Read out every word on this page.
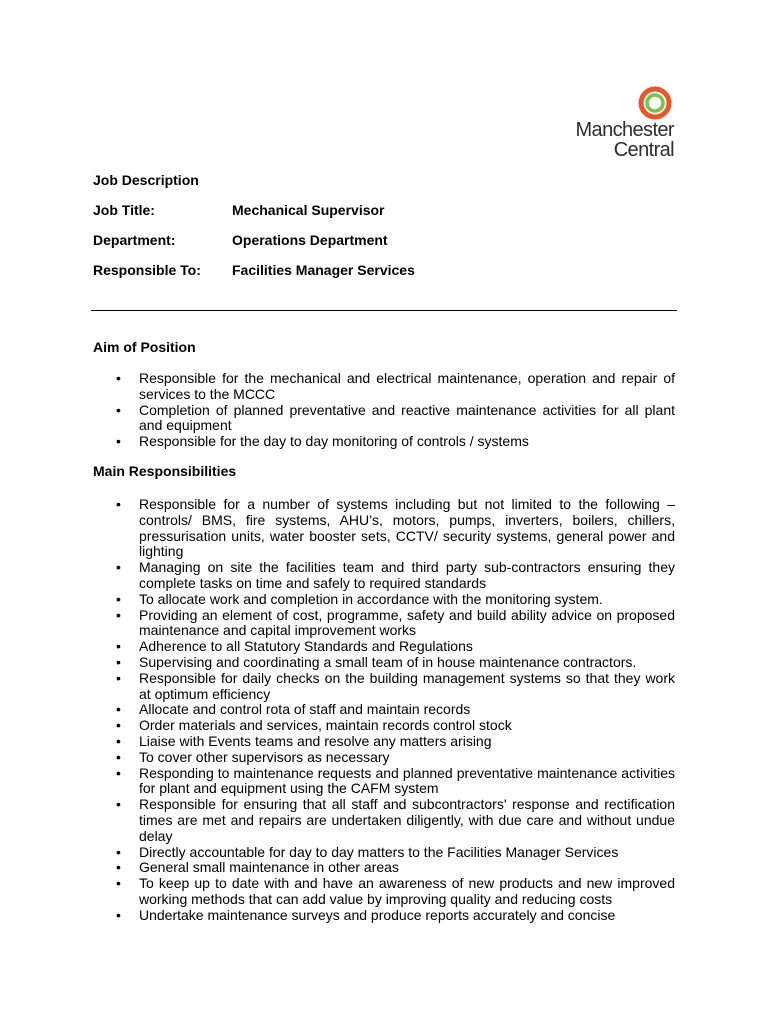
Manchester
Central
Job Description
Job Title:	Mechanical Supervisor
Department:	Operations Department
Responsible To: Facilities Manager Services
Aim of Position
• Responsible for the mechanical and electrical maintenance, operation and repair of services to the MCCC
• Completion of planned preventative and reactive maintenance activities for all plant and equipment
• Responsible for the day to day monitoring of controls / systems
Main Responsibilities
• Responsible for a number of systems including but not limited to the following – controls/ BMS, fire systems, AHU’s, motors, pumps, inverters, boilers, chillers, pressurisation units, water booster sets, CCTV/ security systems, general power and lighting
• Managing on site the facilities team and third party sub-contractors ensuring they complete tasks on time and safely to required standards
• To allocate work and completion in accordance with the monitoring system.
• Providing an element of cost, programme, safety and build ability advice on proposed maintenance and capital improvement works
• Adherence to all Statutory Standards and Regulations
• Supervising and coordinating a small team of in house maintenance contractors.
• Responsible for daily checks on the building management systems so that they work at optimum efficiency
• Allocate and control rota of staff and maintain records
• Order materials and services, maintain records control stock
• Liaise with Events teams and resolve any matters arising
• To cover other supervisors as necessary
• Responding to maintenance requests and planned preventative maintenance activities for plant and equipment using the CAFM system
• Responsible for ensuring that all staff and subcontractors' response and rectification times are met and repairs are undertaken diligently, with due care and without undue delay
• Directly accountable for day to day matters to the Facilities Manager Services
• General small maintenance in other areas
• To keep up to date with and have an awareness of new products and new improved working methods that can add value by improving quality and reducing costs
• Undertake maintenance surveys and produce reports accurately and concise
